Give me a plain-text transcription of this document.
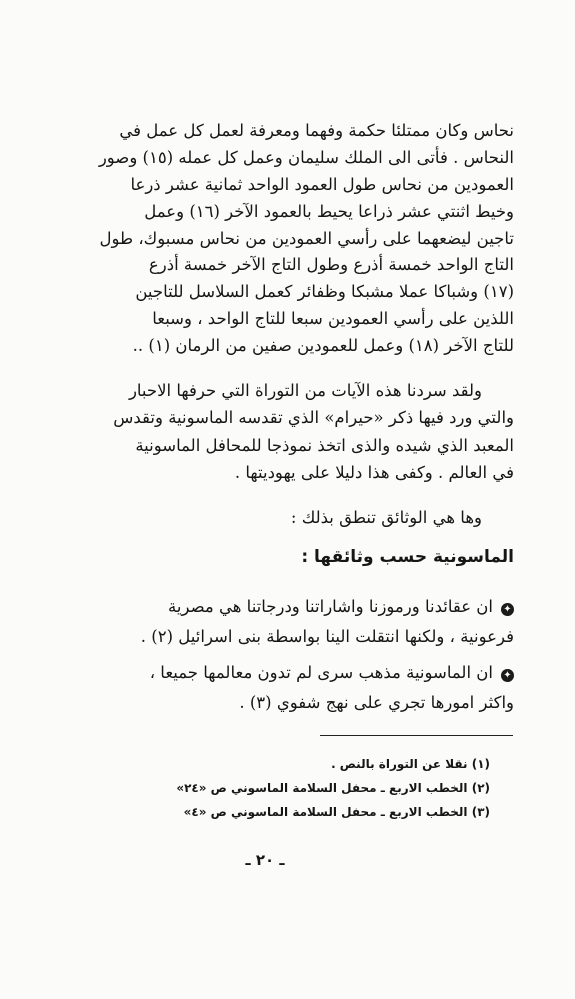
نحاس وكان ممتلئا حكمة وفهما ومعرفة لعمل كل عمل في
النحاس . فأتى الى الملك سليمان وعمل كل عمله (١٥) وصور
العمودين من نحاس طول العمود الواحد ثمانية عشر ذرعا
وخيط اثنتي عشر ذراعا يحيط بالعمود الآخر (١٦) وعمل
تاجين ليضعهما على رأسي العمودين من نحاس مسبوك، طول
التاج الواحد خمسة أذرع وطول التاج الآخر خمسة أذرع
(١٧) وشباكا عملا مشبكا وظفائر كعمل السلاسل للتاجين
اللذين على رأسي العمودين سبعا للتاج الواحد ، وسبعا
للتاج الآخر (١٨) وعمل للعمودين صفين من الرمان (١) ..
ولقد سردنا هذه الآيات من التوراة التي حرفها الاحبار
والتي ورد فيها ذكر «حيرام» الذي تقدسه الماسونية وتقدس
المعبد الذي شيده والذى اتخذ نموذجا للمحافل الماسونية
في العالم . وكفى هذا دليلا على يهوديتها .
وها هي الوثائق تنطق بذلك :
الماسونية حسب وثائقها :
✦ان عقائدنا ورموزنا واشاراتنا ودرجاتنا هي مصرية
فرعونية ، ولكنها انتقلت الينا بواسطة بنى اسرائيل (٢) .
✦ان الماسونية مذهب سرى لم تدون معالمها جميعا ،
واكثر امورها تجري على نهج شفوي (٣) .
(١) نقلا عن التوراة بالنص .
(٢) الخطب الاربع ـ محفل السلامة الماسوني ص «٢٤»
(٣) الخطب الاربع ـ محفل السلامة الماسوني ص «٤»
ـ ٢٠ ـ
